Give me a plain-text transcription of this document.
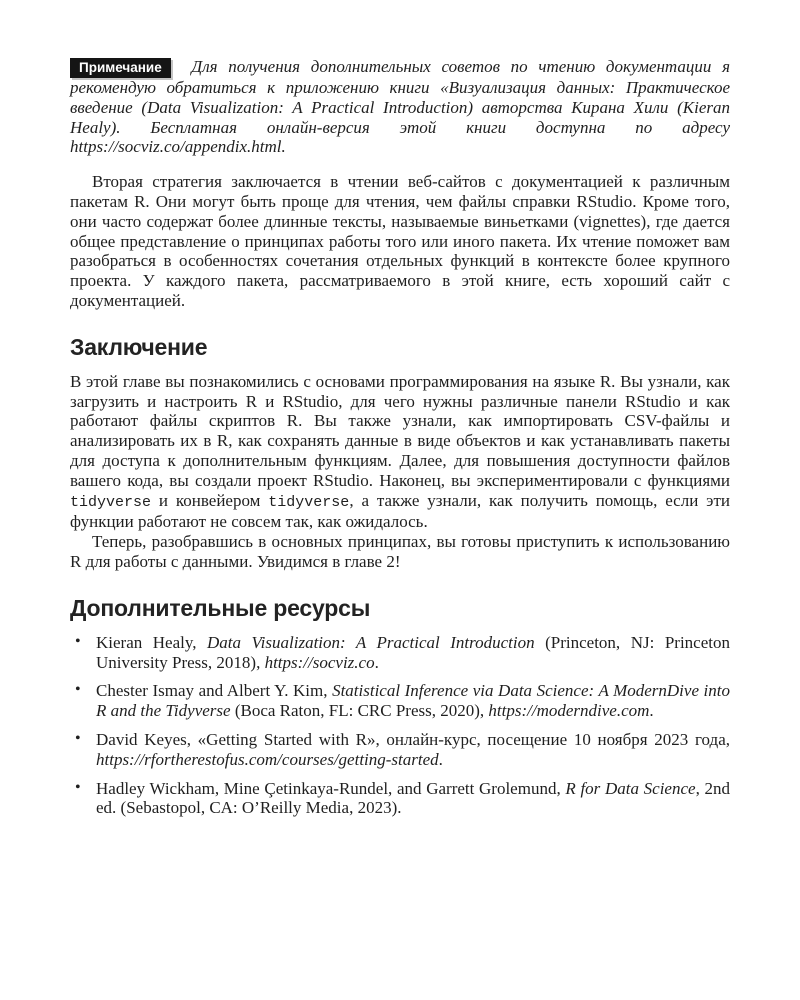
Примечание Для получения дополнительных советов по чтению документации я рекомендую обратиться к приложению книги «Визуализация данных: Практическое введение (Data Visualization: A Practical Introduction) авторства Кирана Хили (Kieran Healy). Бесплатная онлайн-версия этой книги доступна по адресу https://socviz.co/appendix.html.

Вторая стратегия заключается в чтении веб-сайтов с документацией к различным пакетам R. Они могут быть проще для чтения, чем файлы справки RStudio. Кроме того, они часто содержат более длинные тексты, называемые виньетками (vignettes), где дается общее представление о принципах работы того или иного пакета. Их чтение поможет вам разобраться в особенностях сочетания отдельных функций в контексте более крупного проекта. У каждого пакета, рассматриваемого в этой книге, есть хороший сайт с документацией.

Заключение

В этой главе вы познакомились с основами программирования на языке R. Вы узнали, как загрузить и настроить R и RStudio, для чего нужны различные панели RStudio и как работают файлы скриптов R. Вы также узнали, как импортировать CSV-файлы и анализировать их в R, как сохранять данные в виде объектов и как устанавливать пакеты для доступа к дополнительным функциям. Далее, для повышения доступности файлов вашего кода, вы создали проект RStudio. Наконец, вы экспериментировали с функциями tidyverse и конвейером tidyverse, а также узнали, как получить помощь, если эти функции работают не совсем так, как ожидалось.

Теперь, разобравшись в основных принципах, вы готовы приступить к использованию R для работы с данными. Увидимся в главе 2!

Дополнительные ресурсы
• Kieran Healy, Data Visualization: A Practical Introduction (Princeton, NJ: Princeton University Press, 2018), https://socviz.co.
• Chester Ismay and Albert Y. Kim, Statistical Inference via Data Science: A ModernDive into R and the Tidyverse (Boca Raton, FL: CRC Press, 2020), https://moderndive.com.
• David Keyes, «Getting Started with R», онлайн-курс, посещение 10 ноября 2023 года, https://rfortherestofus.com/courses/getting-started.
• Hadley Wickham, Mine Çetinkaya-Rundel, and Garrett Grolemund, R for Data Science, 2nd ed. (Sebastopol, CA: O’Reilly Media, 2023).
